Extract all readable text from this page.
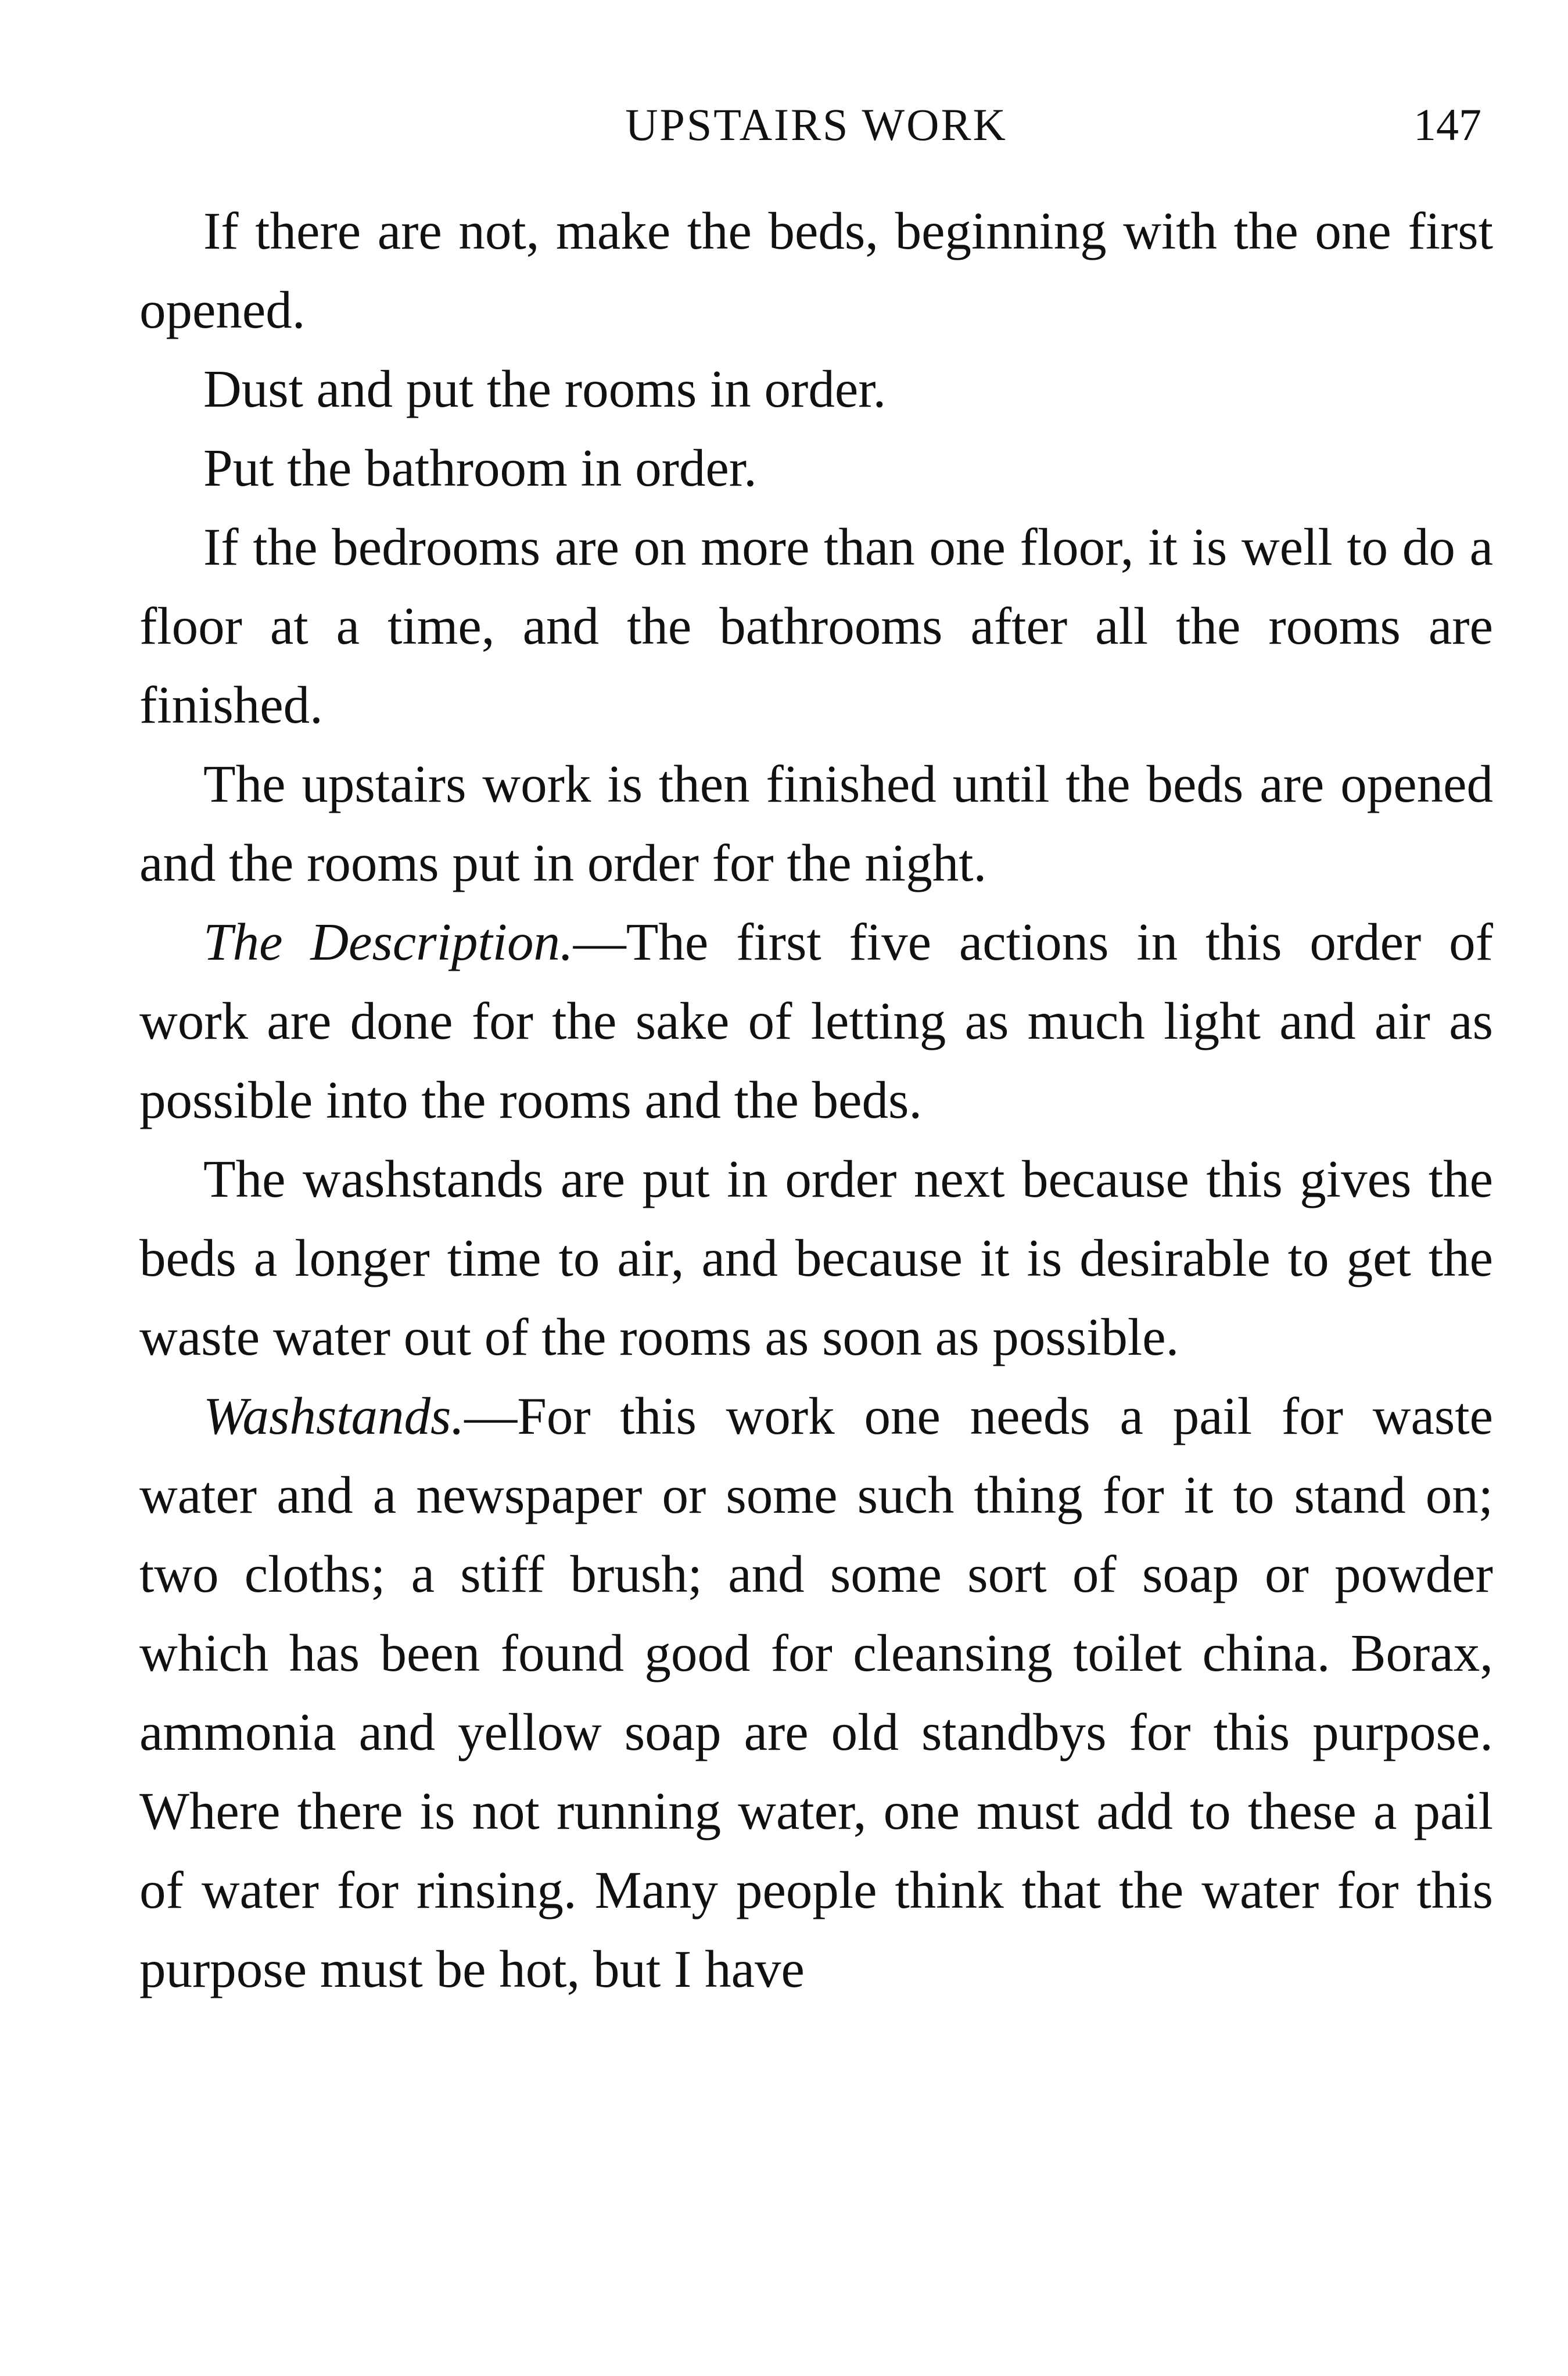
UPSTAIRS WORK	147

If there are not, make the beds, beginning with the one first opened.

Dust and put the rooms in order.

Put the bathroom in order.

If the bedrooms are on more than one floor, it is well to do a floor at a time, and the bathrooms after all the rooms are finished.

The upstairs work is then finished until the beds are opened and the rooms put in order for the night.

The Description.—The first five actions in this order of work are done for the sake of letting as much light and air as possible into the rooms and the beds.

The washstands are put in order next because this gives the beds a longer time to air, and because it is desirable to get the waste water out of the rooms as soon as possible.

Washstands.—For this work one needs a pail for waste water and a newspaper or some such thing for it to stand on; two cloths; a stiff brush; and some sort of soap or powder which has been found good for cleansing toilet china. Borax, ammonia and yellow soap are old standbys for this purpose. Where there is not running water, one must add to these a pail of water for rinsing. Many people think that the water for this purpose must be hot, but I have
